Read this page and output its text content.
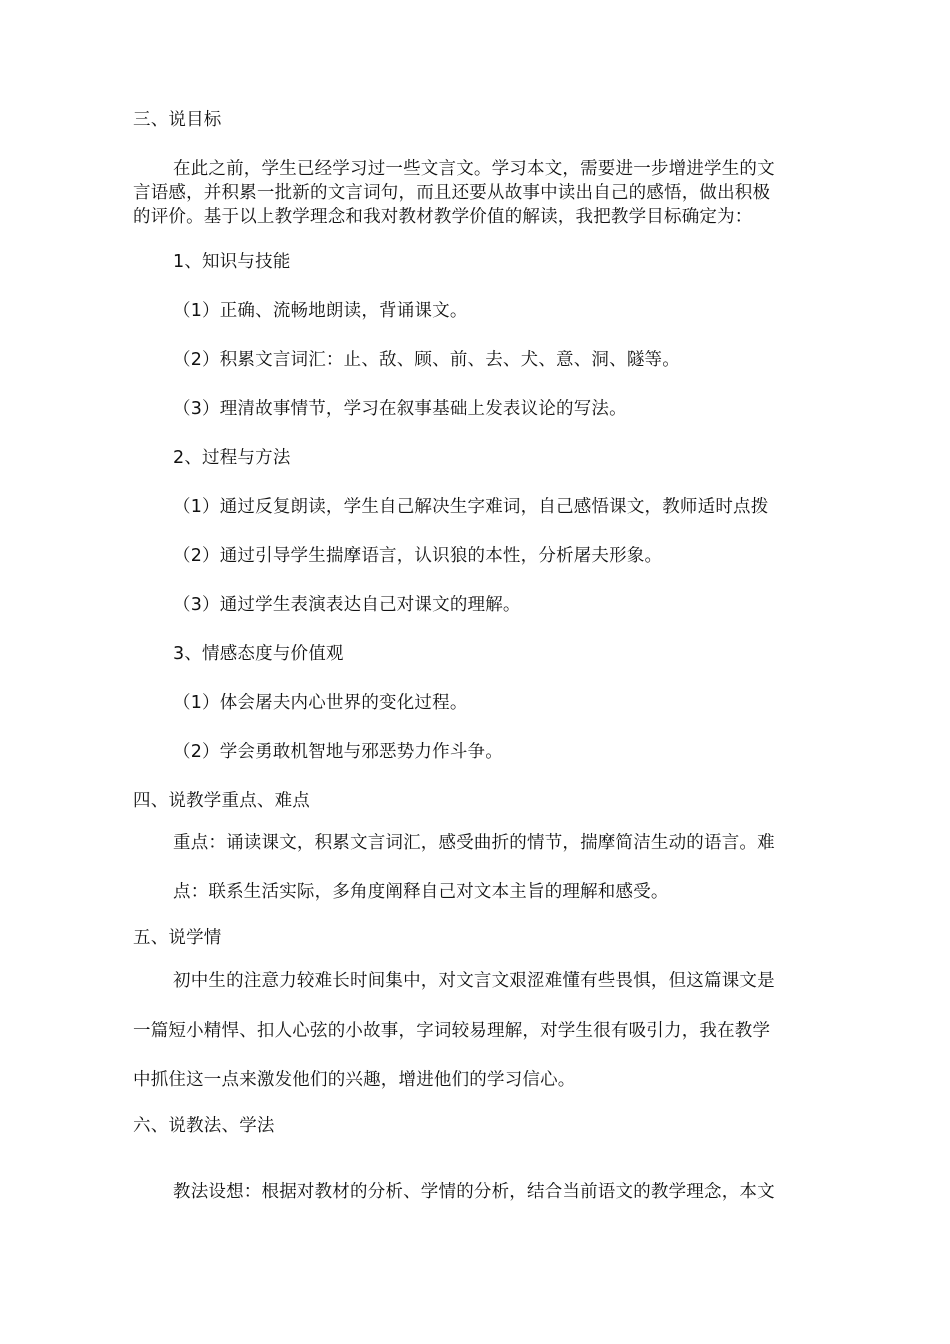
三、说目标

在此之前，学生已经学习过一些文言文。学习本文，需要进一步增进学生的文
言语感，并积累一批新的文言词句，而且还要从故事中读出自己的感悟，做出积极
的评价。基于以上教学理念和我对教材教学价值的解读，我把教学目标确定为：

1、知识与技能

（1）正确、流畅地朗读，背诵课文。

（2）积累文言词汇：止、敌、顾、前、去、犬、意、洞、隧等。

（3）理清故事情节，学习在叙事基础上发表议论的写法。

2、过程与方法

（1）通过反复朗读，学生自己解决生字难词，自己感悟课文，教师适时点拨

（2）通过引导学生揣摩语言，认识狼的本性，分析屠夫形象。

（3）通过学生表演表达自己对课文的理解。

3、情感态度与价值观

（1）体会屠夫内心世界的变化过程。

（2）学会勇敢机智地与邪恶势力作斗争。

四、说教学重点、难点

重点：诵读课文，积累文言词汇，感受曲折的情节，揣摩简洁生动的语言。难

点：联系生活实际，多角度阐释自己对文本主旨的理解和感受。

五、说学情

初中生的注意力较难长时间集中，对文言文艰涩难懂有些畏惧，但这篇课文是

一篇短小精悍、扣人心弦的小故事，字词较易理解，对学生很有吸引力，我在教学

中抓住这一点来激发他们的兴趣，增进他们的学习信心。

六、说教法、学法

教法设想：根据对教材的分析、学情的分析，结合当前语文的教学理念，本文
